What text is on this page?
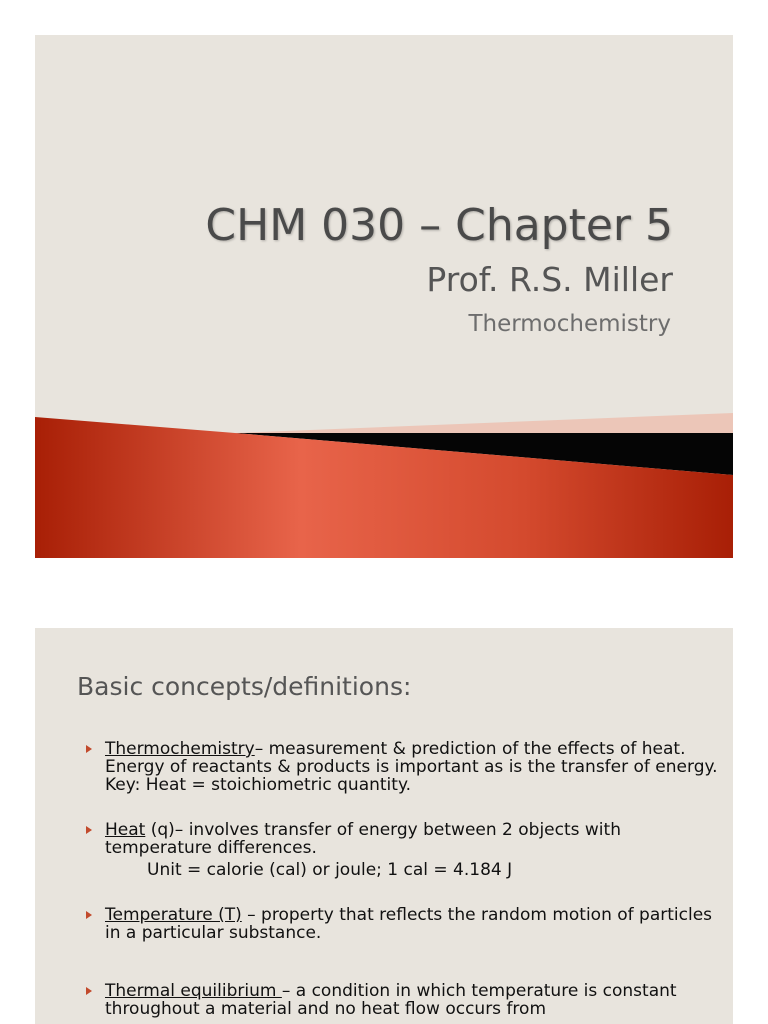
CHM 030 – Chapter 5
Prof. R.S. Miller
Thermochemistry
Basic concepts/definitions:
Thermochemistry– measurement & prediction of the effects of heat. Energy of reactants & products is important as is the transfer of energy. Key: Heat = stoichiometric quantity.
Heat (q)– involves transfer of energy between 2 objects with temperature differences.
Unit = calorie (cal) or joule; 1 cal = 4.184 J
Temperature (T) – property that reflects the random motion of particles in a particular substance.
Thermal equilibrium – a condition in which temperature is constant throughout a material and no heat flow occurs from
